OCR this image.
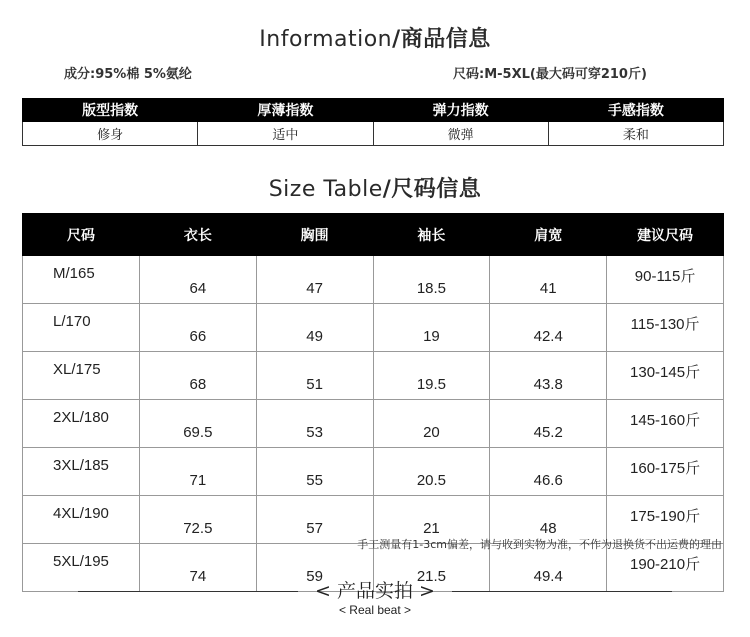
Information/商品信息
成分:95%棉 5%氨纶	尺码:M-5XL(最大码可穿210斤)
版型指数	厚薄指数	弹力指数	手感指数
修身	适中	微弹	柔和
Size Table/尺码信息
尺码	衣长	胸围	袖长	肩宽	建议尺码
M/165	64	47	18.5	41	90-115斤
L/170	66	49	19	42.4	115-130斤
XL/175	68	51	19.5	43.8	130-145斤
2XL/180	69.5	53	20	45.2	145-160斤
3XL/185	71	55	20.5	46.6	160-175斤
4XL/190	72.5	57	21	48	175-190斤
5XL/195	74	59	21.5	49.4	190-210斤
手工测量有1-3cm偏差，请与收到实物为准，不作为退换货不出运费的理由
< 产品实拍 >
< Real beat >
